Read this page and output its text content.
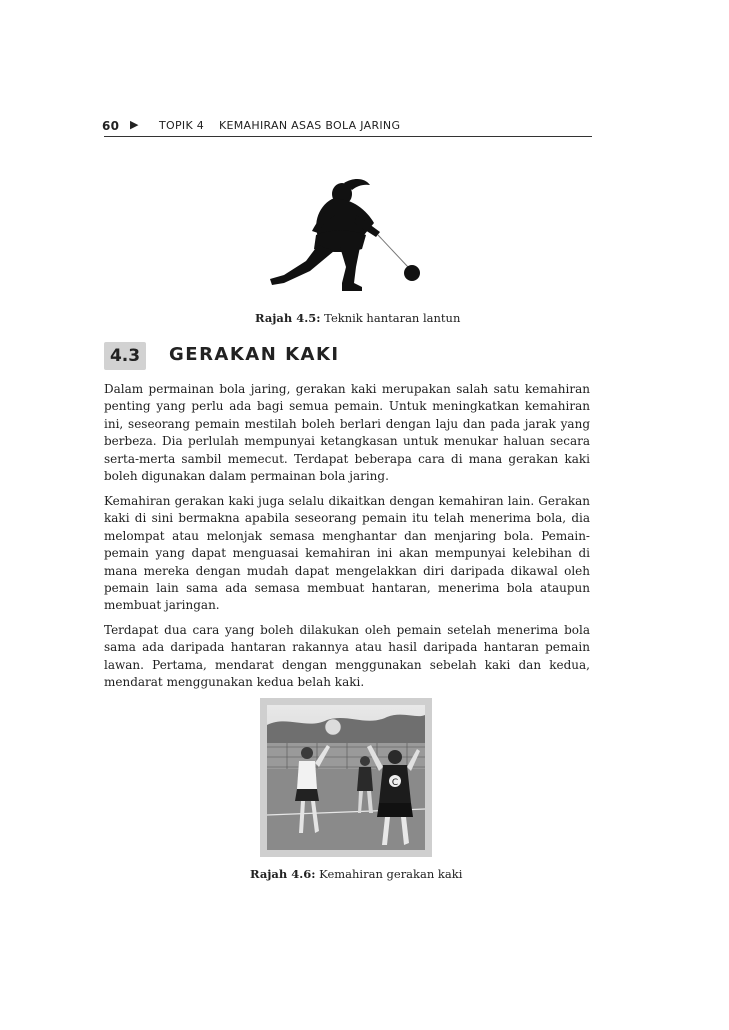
60 ▶ TOPIK 4 KEMAHIRAN ASAS BOLA JARING
Rajah 4.5: Teknik hantaran lantun
4.3	GERAKAN KAKI

Dalam permainan bola jaring, gerakan kaki merupakan salah satu kemahiran penting yang perlu ada bagi semua pemain. Untuk meningkatkan kemahiran ini, seseorang pemain mestilah boleh berlari dengan laju dan pada jarak yang berbeza. Dia perlulah mempunyai ketangkasan untuk menukar haluan secara serta-merta sambil memecut. Terdapat beberapa cara di mana gerakan kaki boleh digunakan dalam permainan bola jaring.

Kemahiran gerakan kaki juga selalu dikaitkan dengan kemahiran lain. Gerakan kaki di sini bermakna apabila seseorang pemain itu telah menerima bola, dia melompat atau melonjak semasa menghantar dan menjaring bola. Pemain-pemain yang dapat menguasai kemahiran ini akan mempunyai kelebihan di mana mereka dengan mudah dapat mengelakkan diri daripada dikawal oleh pemain lain sama ada semasa membuat hantaran, menerima bola ataupun membuat jaringan.

Terdapat dua cara yang boleh dilakukan oleh pemain setelah menerima bola sama ada daripada hantaran rakannya atau hasil daripada hantaran pemain lawan. Pertama, mendarat dengan menggunakan sebelah kaki dan kedua, mendarat menggunakan kedua belah kaki.

C
Rajah 4.6: Kemahiran gerakan kaki
